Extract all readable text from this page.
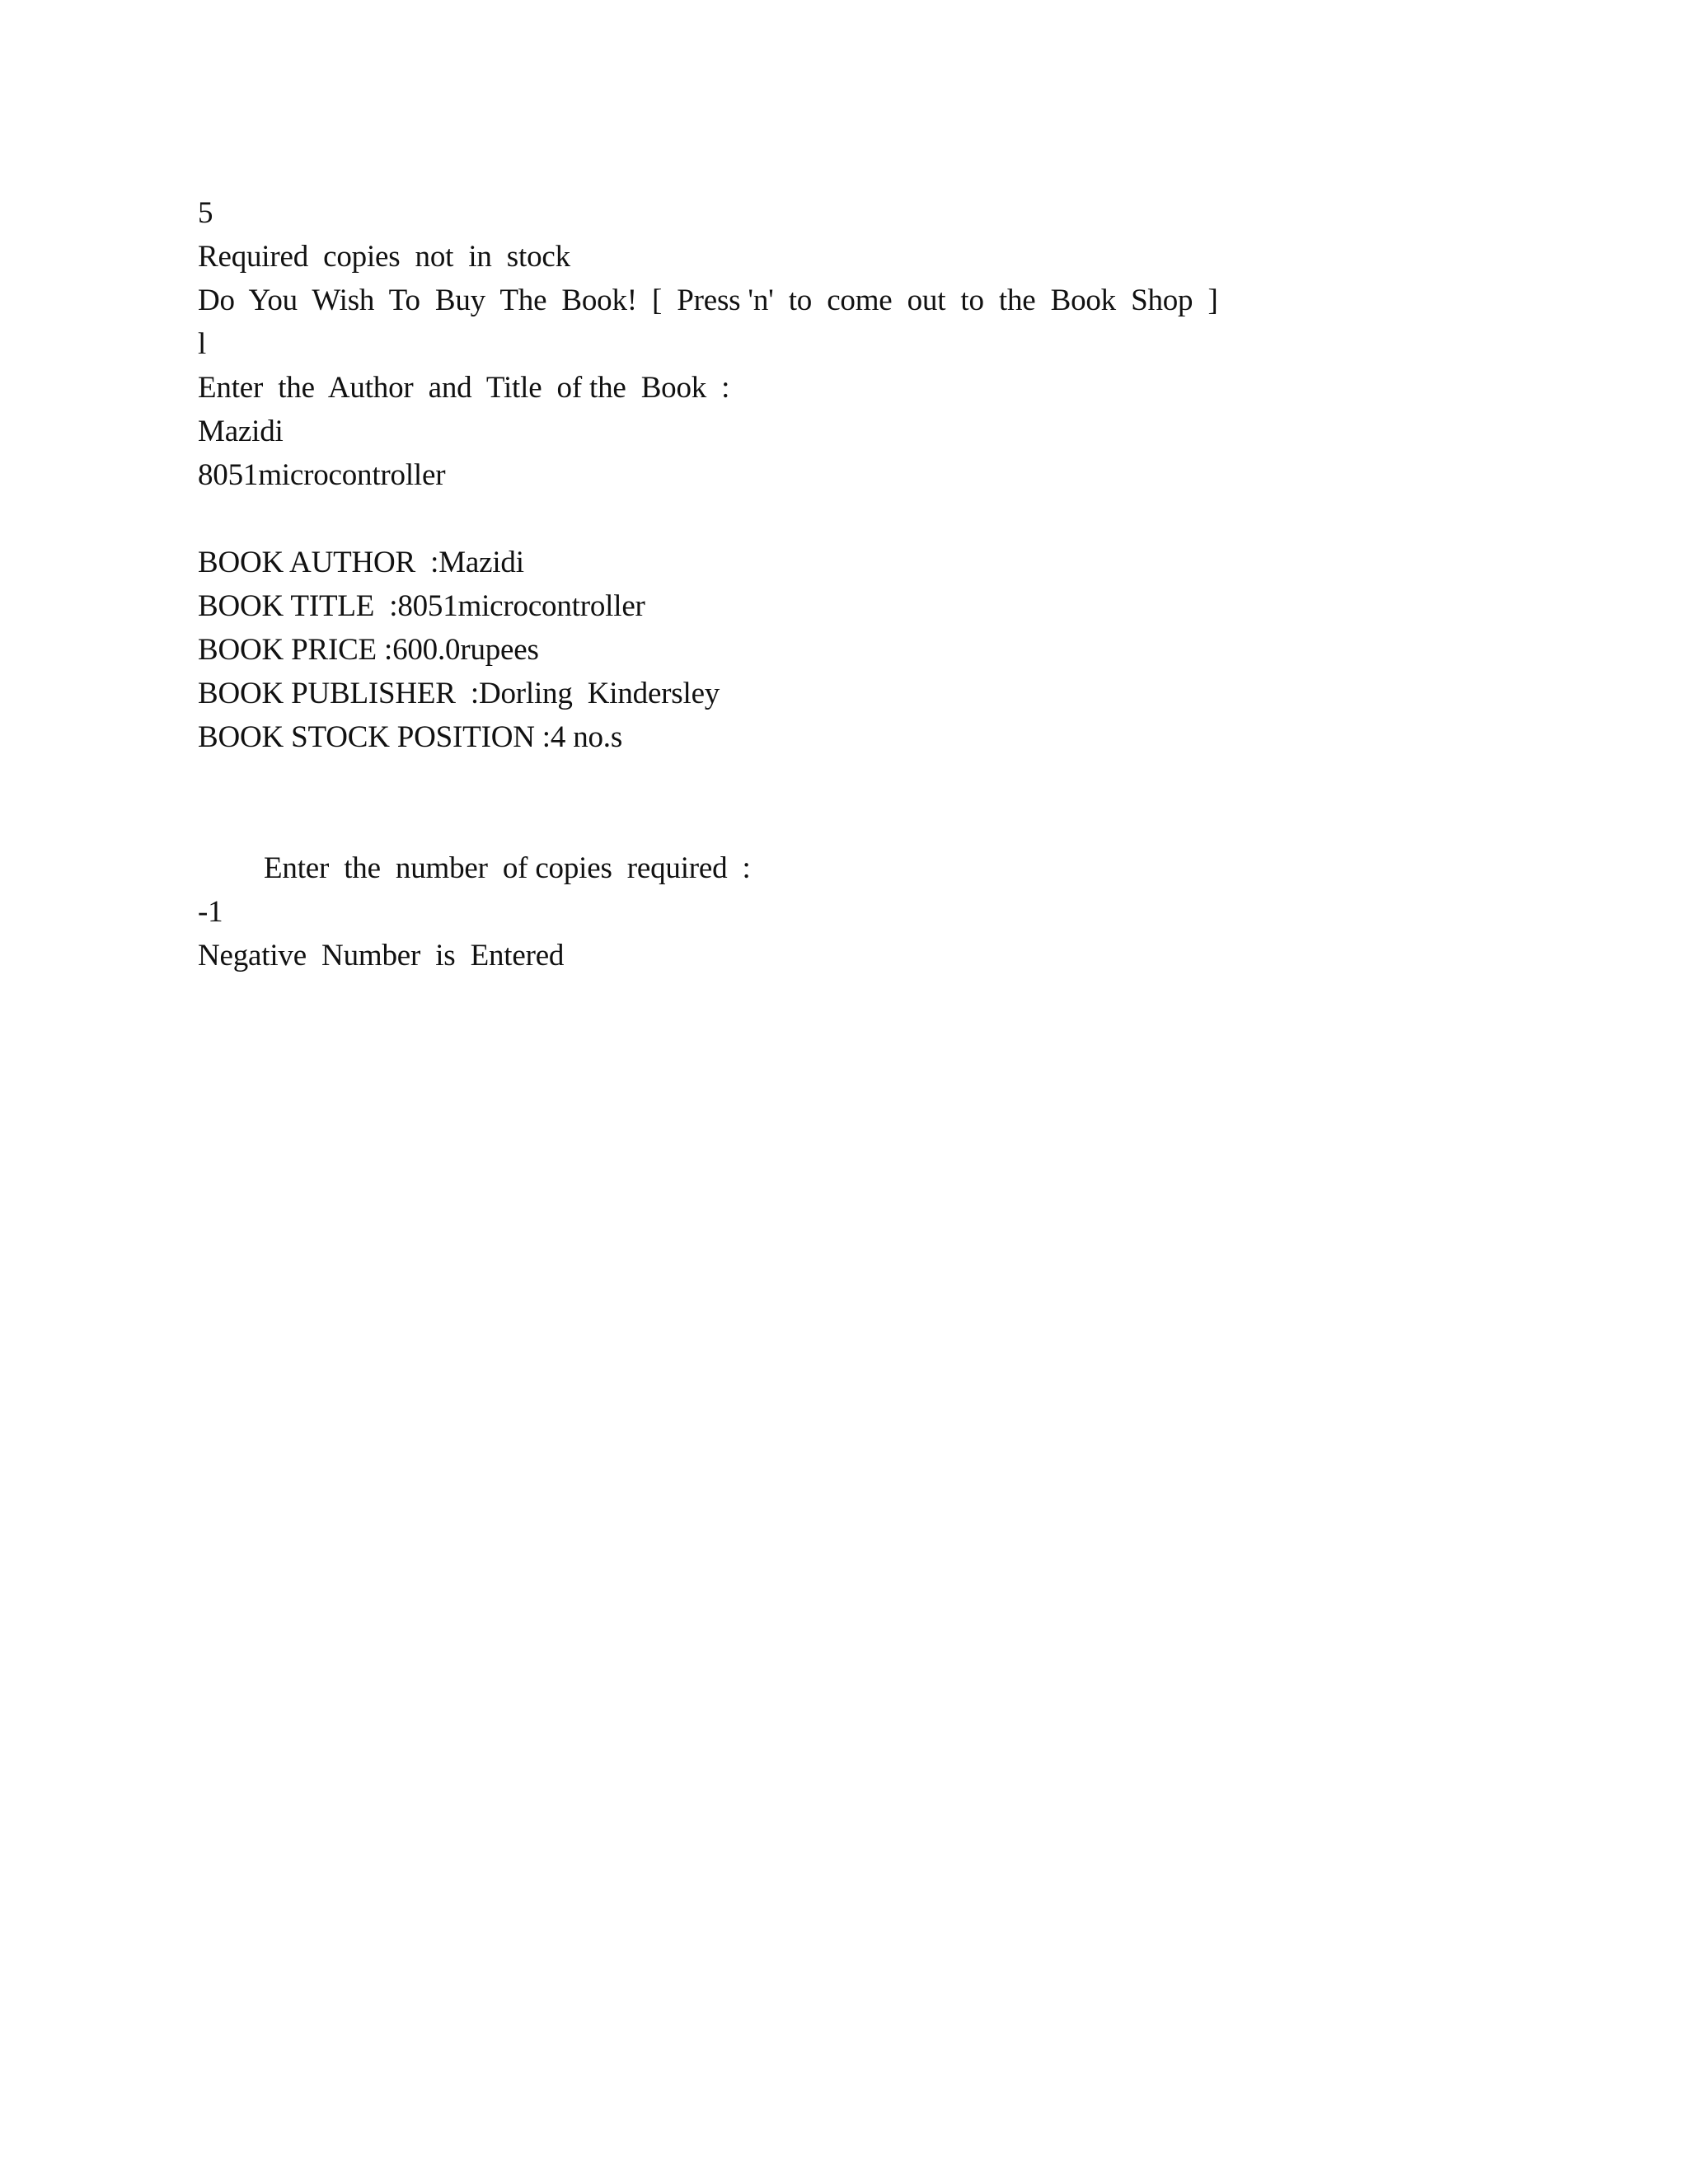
5
Required  copies  not  in  stock
Do  You  Wish  To  Buy  The  Book!  [  Press 'n'  to  come  out  to  the  Book  Shop  ]
l
Enter  the  Author  and  Title  of the  Book  :
Mazidi
8051microcontroller
BOOK AUTHOR  :Mazidi
BOOK TITLE  :8051microcontroller
BOOK PRICE :600.0rupees
BOOK PUBLISHER  :Dorling  Kindersley
BOOK STOCK POSITION :4 no.s
Enter  the  number  of copies  required  :
-1
Negative  Number  is  Entered
